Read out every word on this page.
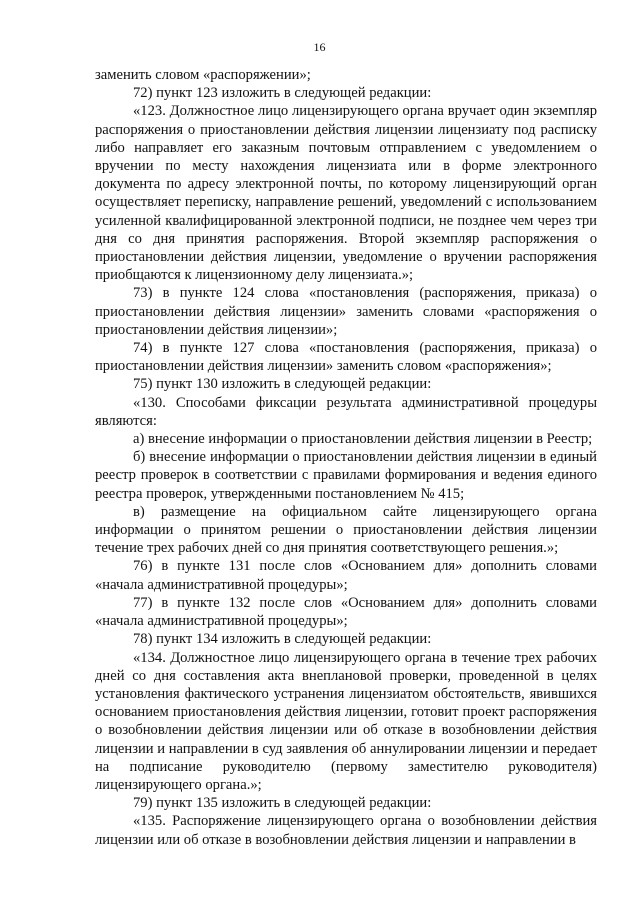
16

заменить словом «распоряжении»;

72) пункт 123 изложить в следующей редакции:

«123. Должностное лицо лицензирующего органа вручает один экземпляр распоряжения о приостановлении действия лицензии лицензиату под расписку либо направляет его заказным почтовым отправлением с уведомлением о вручении по месту нахождения лицензиата или в форме электронного документа по адресу электронной почты, по которому лицензирующий орган осуществляет переписку, направление решений, уведомлений с использованием усиленной квалифицированной электронной подписи, не позднее чем через три дня со дня принятия распоряжения. Второй экземпляр распоряжения о приостановлении действия лицензии, уведомление о вручении распоряжения приобщаются к лицензионному делу лицензиата.»;

73) в пункте 124 слова «постановления (распоряжения, приказа) о приостановлении действия лицензии» заменить словами «распоряжения о приостановлении действия лицензии»;

74) в пункте 127 слова «постановления (распоряжения, приказа) о приостановлении действия лицензии» заменить словом «распоряжения»;

75) пункт 130 изложить в следующей редакции:

«130. Способами фиксации результата административной процедуры являются:

а) внесение информации о приостановлении действия лицензии в Реестр;

б) внесение информации о приостановлении действия лицензии в единый реестр проверок в соответствии с правилами формирования и ведения единого реестра проверок, утвержденными постановлением № 415;

в) размещение на официальном сайте лицензирующего органа информации о принятом решении о приостановлении действия лицензии течение трех рабочих дней со дня принятия соответствующего решения.»;

76) в пункте 131 после слов «Основанием для» дополнить словами «начала административной процедуры»;

77) в пункте 132 после слов «Основанием для» дополнить словами «начала административной процедуры»;

78) пункт 134 изложить в следующей редакции:

«134. Должностное лицо лицензирующего органа в течение трех рабочих дней со дня составления акта внеплановой проверки, проведенной в целях установления фактического устранения лицензиатом обстоятельств, явившихся основанием приостановления действия лицензии, готовит проект распоряжения о возобновлении действия лицензии или об отказе в возобновлении действия лицензии и направлении в суд заявления об аннулировании лицензии и передает на подписание руководителю (первому заместителю руководителя) лицензирующего органа.»;

79) пункт 135 изложить в следующей редакции:

«135. Распоряжение лицензирующего органа о возобновлении действия лицензии или об отказе в возобновлении действия лицензии и направлении в
